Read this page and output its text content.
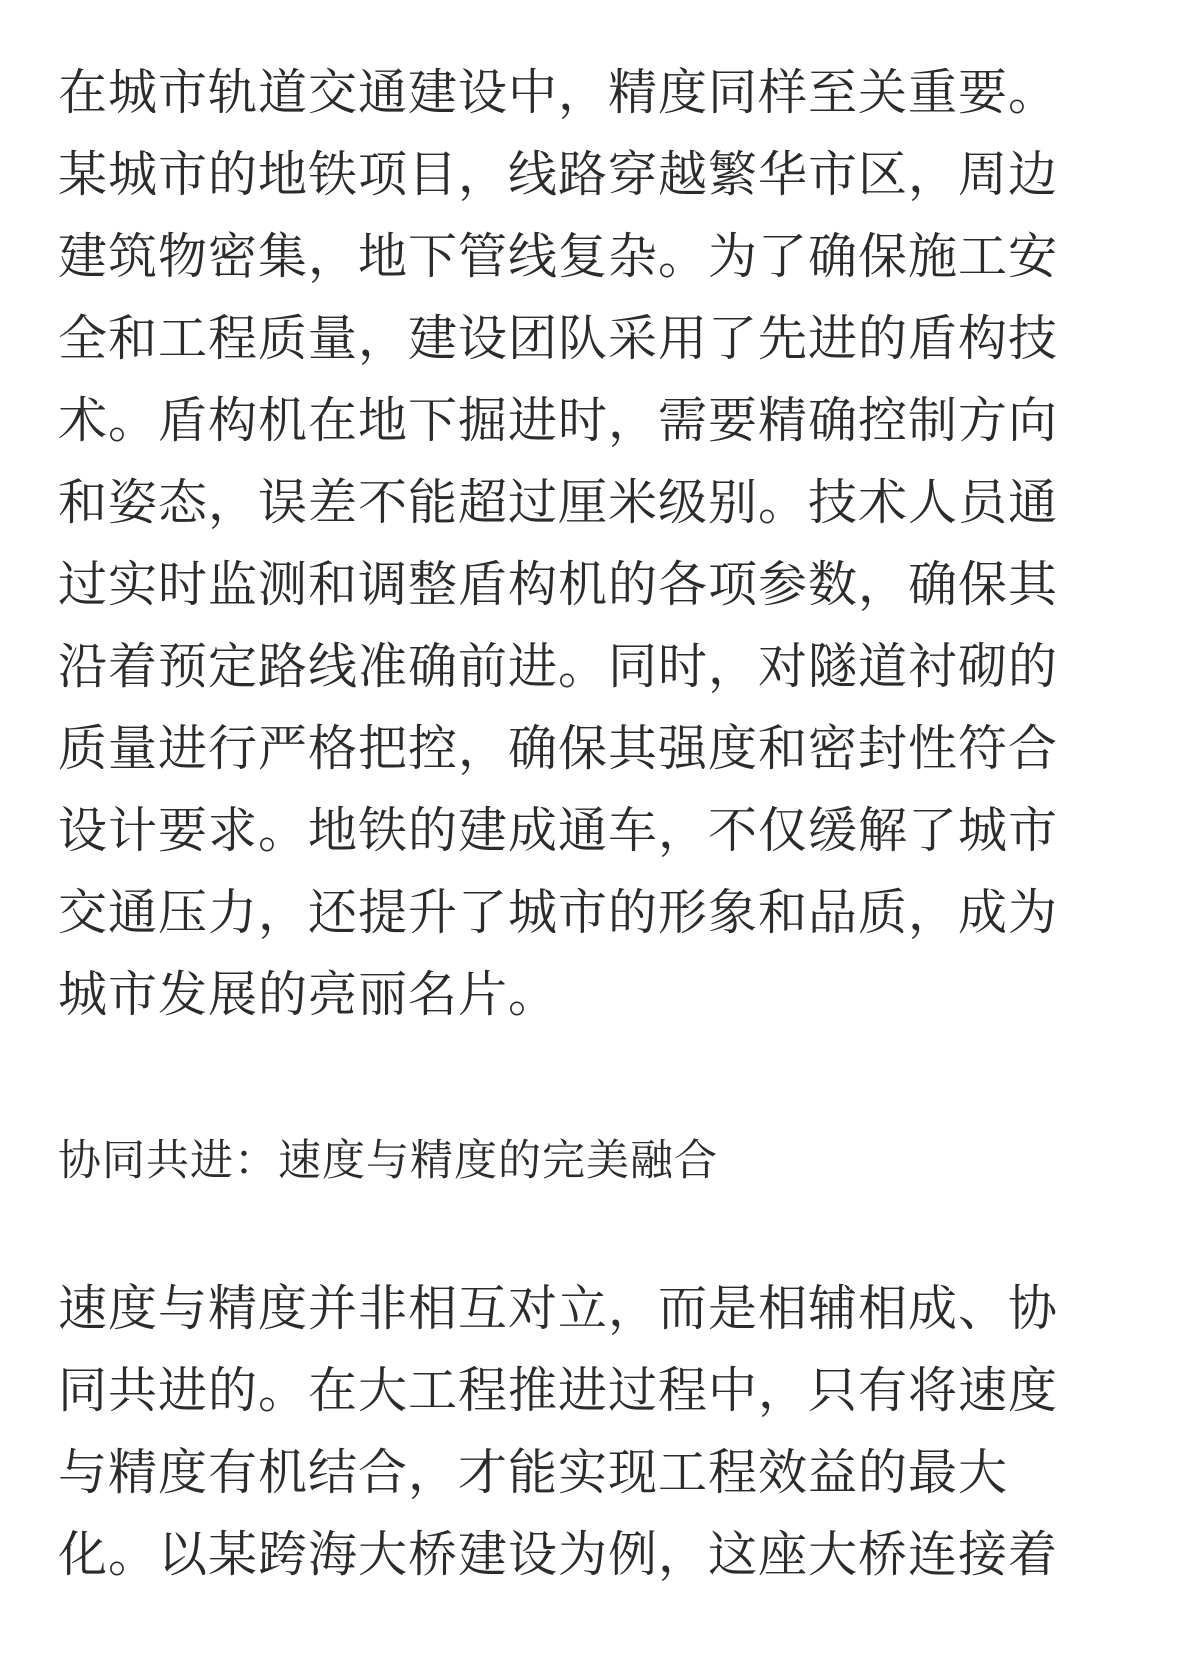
在城市轨道交通建设中，精度同样至关重要。
某城市的地铁项目，线路穿越繁华市区，周边
建筑物密集，地下管线复杂。为了确保施工安
全和工程质量，建设团队采用了先进的盾构技
术。盾构机在地下掘进时，需要精确控制方向
和姿态，误差不能超过厘米级别。技术人员通
过实时监测和调整盾构机的各项参数，确保其
沿着预定路线准确前进。同时，对隧道衬砌的
质量进行严格把控，确保其强度和密封性符合
设计要求。地铁的建成通车，不仅缓解了城市
交通压力，还提升了城市的形象和品质，成为
城市发展的亮丽名片。
协同共进：速度与精度的完美融合
速度与精度并非相互对立，而是相辅相成、协
同共进的。在大工程推进过程中，只有将速度
与精度有机结合，才能实现工程效益的最大
化。以某跨海大桥建设为例，这座大桥连接着
